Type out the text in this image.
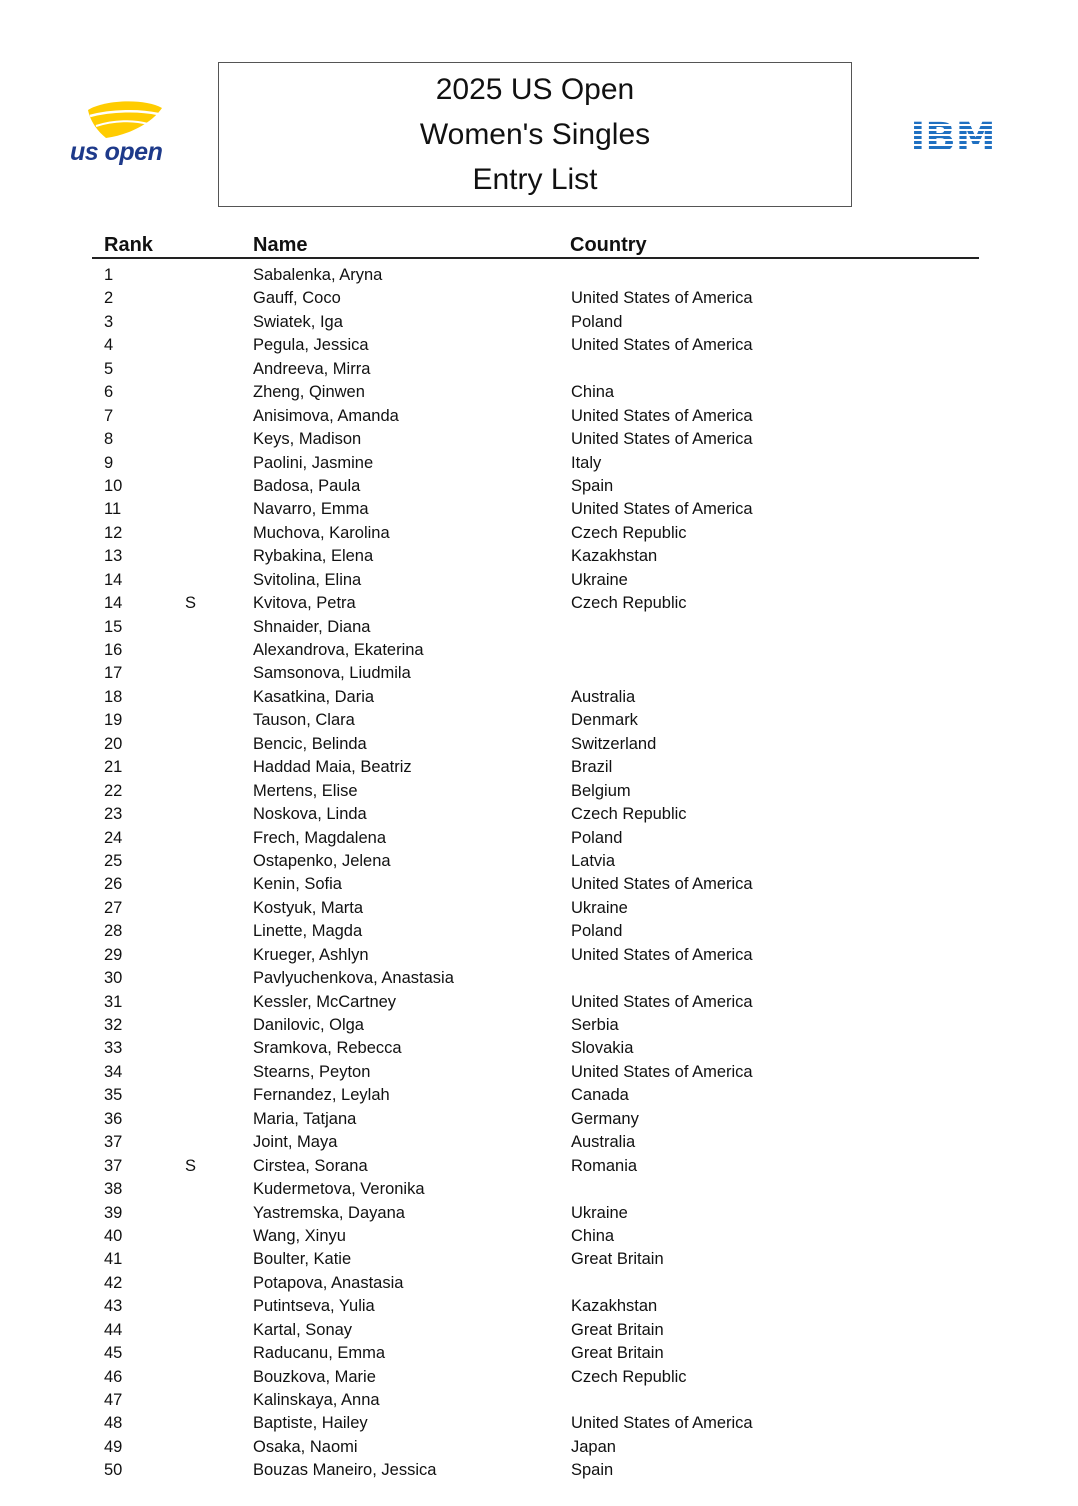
us open
2025 US Open
Women's Singles
Entry List
Rank	Name	Country
1	Sabalenka, Aryna
2	Gauff, Coco	United States of America
3	Swiatek, Iga	Poland
4	Pegula, Jessica	United States of America
5	Andreeva, Mirra
6	Zheng, Qinwen	China
7	Anisimova, Amanda	United States of America
8	Keys, Madison	United States of America
9	Paolini, Jasmine	Italy
10	Badosa, Paula	Spain
11	Navarro, Emma	United States of America
12	Muchova, Karolina	Czech Republic
13	Rybakina, Elena	Kazakhstan
14	Svitolina, Elina	Ukraine
14	S	Kvitova, Petra	Czech Republic
15	Shnaider, Diana
16	Alexandrova, Ekaterina
17	Samsonova, Liudmila
18	Kasatkina, Daria	Australia
19	Tauson, Clara	Denmark
20	Bencic, Belinda	Switzerland
21	Haddad Maia, Beatriz	Brazil
22	Mertens, Elise	Belgium
23	Noskova, Linda	Czech Republic
24	Frech, Magdalena	Poland
25	Ostapenko, Jelena	Latvia
26	Kenin, Sofia	United States of America
27	Kostyuk, Marta	Ukraine
28	Linette, Magda	Poland
29	Krueger, Ashlyn	United States of America
30	Pavlyuchenkova, Anastasia
31	Kessler, McCartney	United States of America
32	Danilovic, Olga	Serbia
33	Sramkova, Rebecca	Slovakia
34	Stearns, Peyton	United States of America
35	Fernandez, Leylah	Canada
36	Maria, Tatjana	Germany
37	Joint, Maya	Australia
37	S	Cirstea, Sorana	Romania
38	Kudermetova, Veronika
39	Yastremska, Dayana	Ukraine
40	Wang, Xinyu	China
41	Boulter, Katie	Great Britain
42	Potapova, Anastasia
43	Putintseva, Yulia	Kazakhstan
44	Kartal, Sonay	Great Britain
45	Raducanu, Emma	Great Britain
46	Bouzkova, Marie	Czech Republic
47	Kalinskaya, Anna
48	Baptiste, Hailey	United States of America
49	Osaka, Naomi	Japan
50	Bouzas Maneiro, Jessica	Spain
